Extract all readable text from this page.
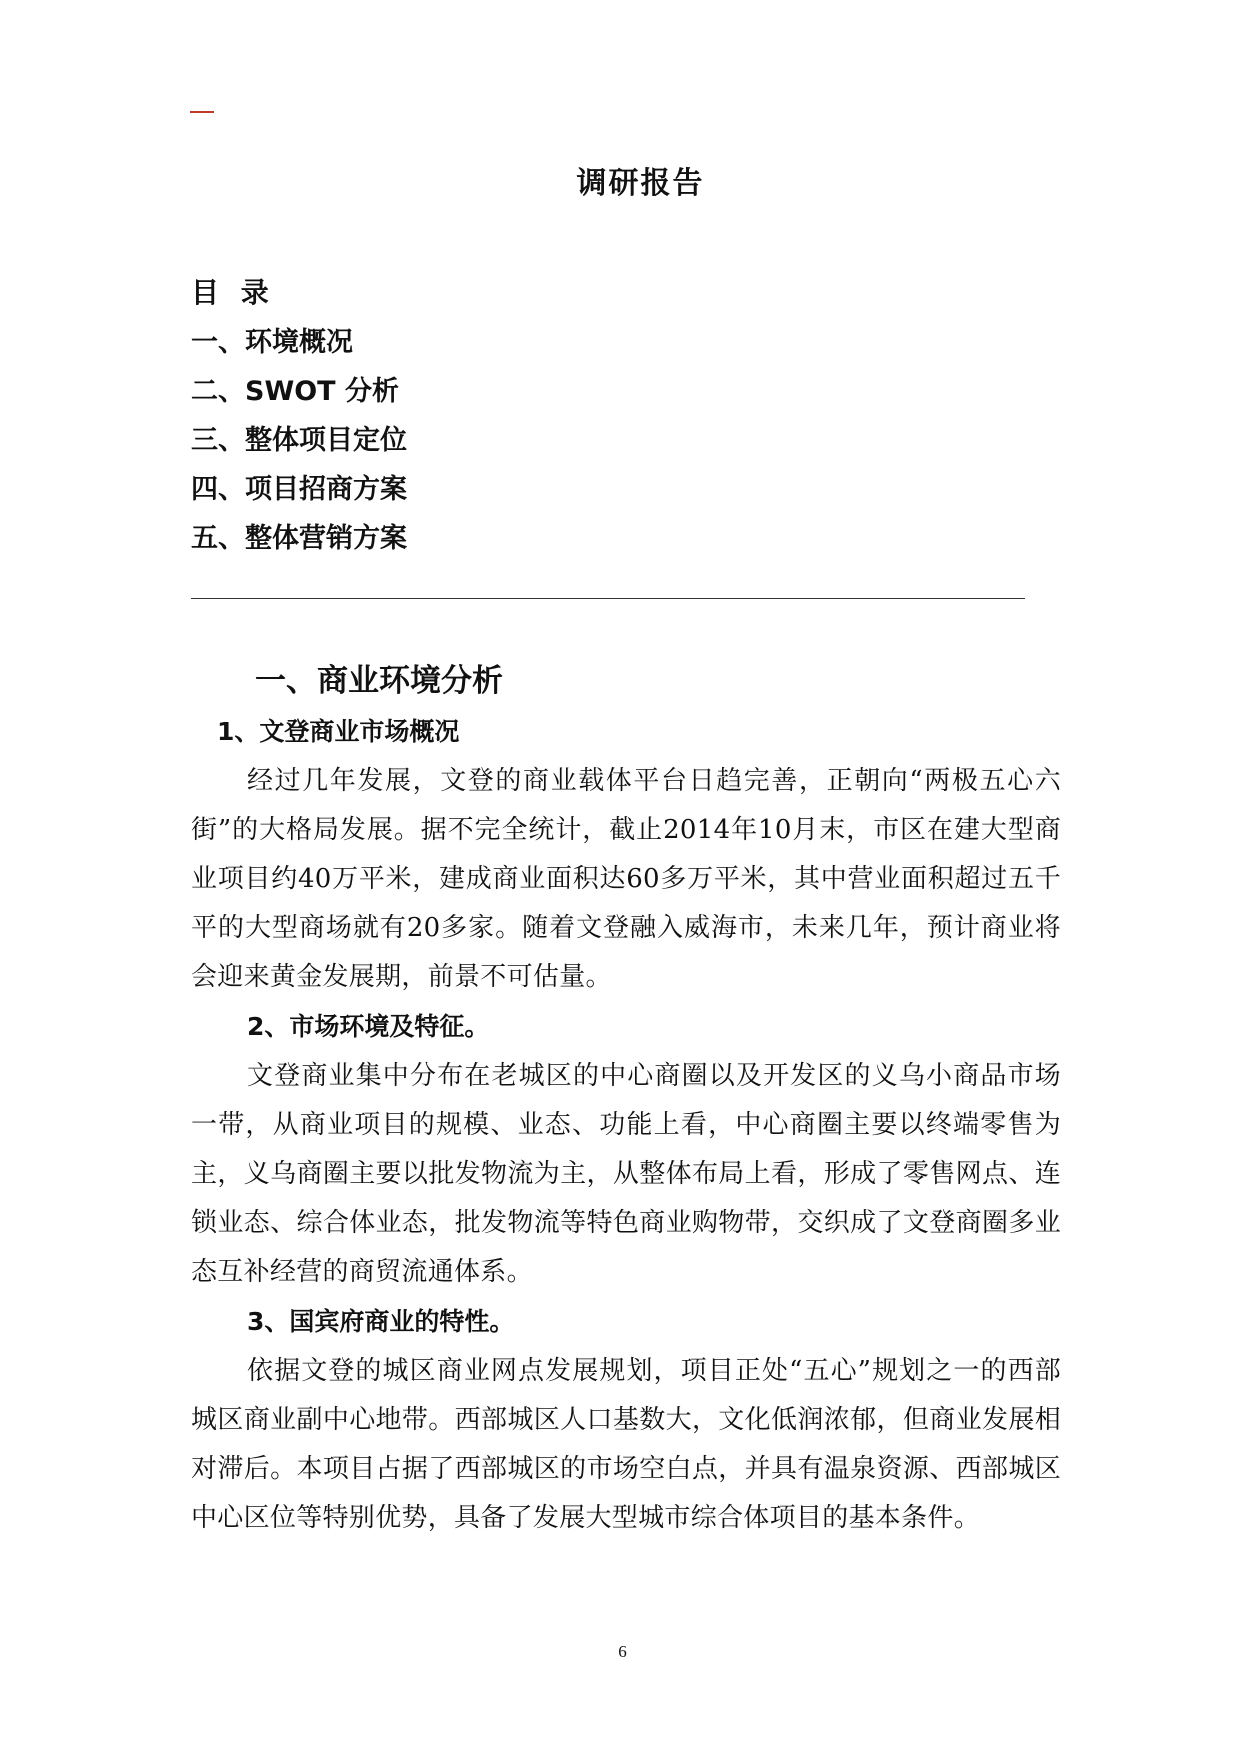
调研报告
目 录
一、环境概况
二、SWOT 分析
三、整体项目定位
四、项目招商方案
五、整体营销方案
一、商业环境分析
1、文登商业市场概况

经过几年发展，文登的商业载体平台日趋完善，正朝向“两极五心六街”的大格局发展。据不完全统计，截止2014年10月末，市区在建大型商业项目约40万平米，建成商业面积达60多万平米，其中营业面积超过五千平的大型商场就有20多家。随着文登融入威海市，未来几年，预计商业将会迎来黄金发展期，前景不可估量。

2、市场环境及特征。

文登商业集中分布在老城区的中心商圈以及开发区的义乌小商品市场一带，从商业项目的规模、业态、功能上看，中心商圈主要以终端零售为主，义乌商圈主要以批发物流为主，从整体布局上看，形成了零售网点、连锁业态、综合体业态，批发物流等特色商业购物带，交织成了文登商圈多业态互补经营的商贸流通体系。

3、国宾府商业的特性。

依据文登的城区商业网点发展规划，项目正处“五心”规划之一的西部城区商业副中心地带。西部城区人口基数大，文化低润浓郁，但商业发展相对滞后。本项目占据了西部城区的市场空白点，并具有温泉资源、西部城区中心区位等特别优势，具备了发展大型城市综合体项目的基本条件。

6
